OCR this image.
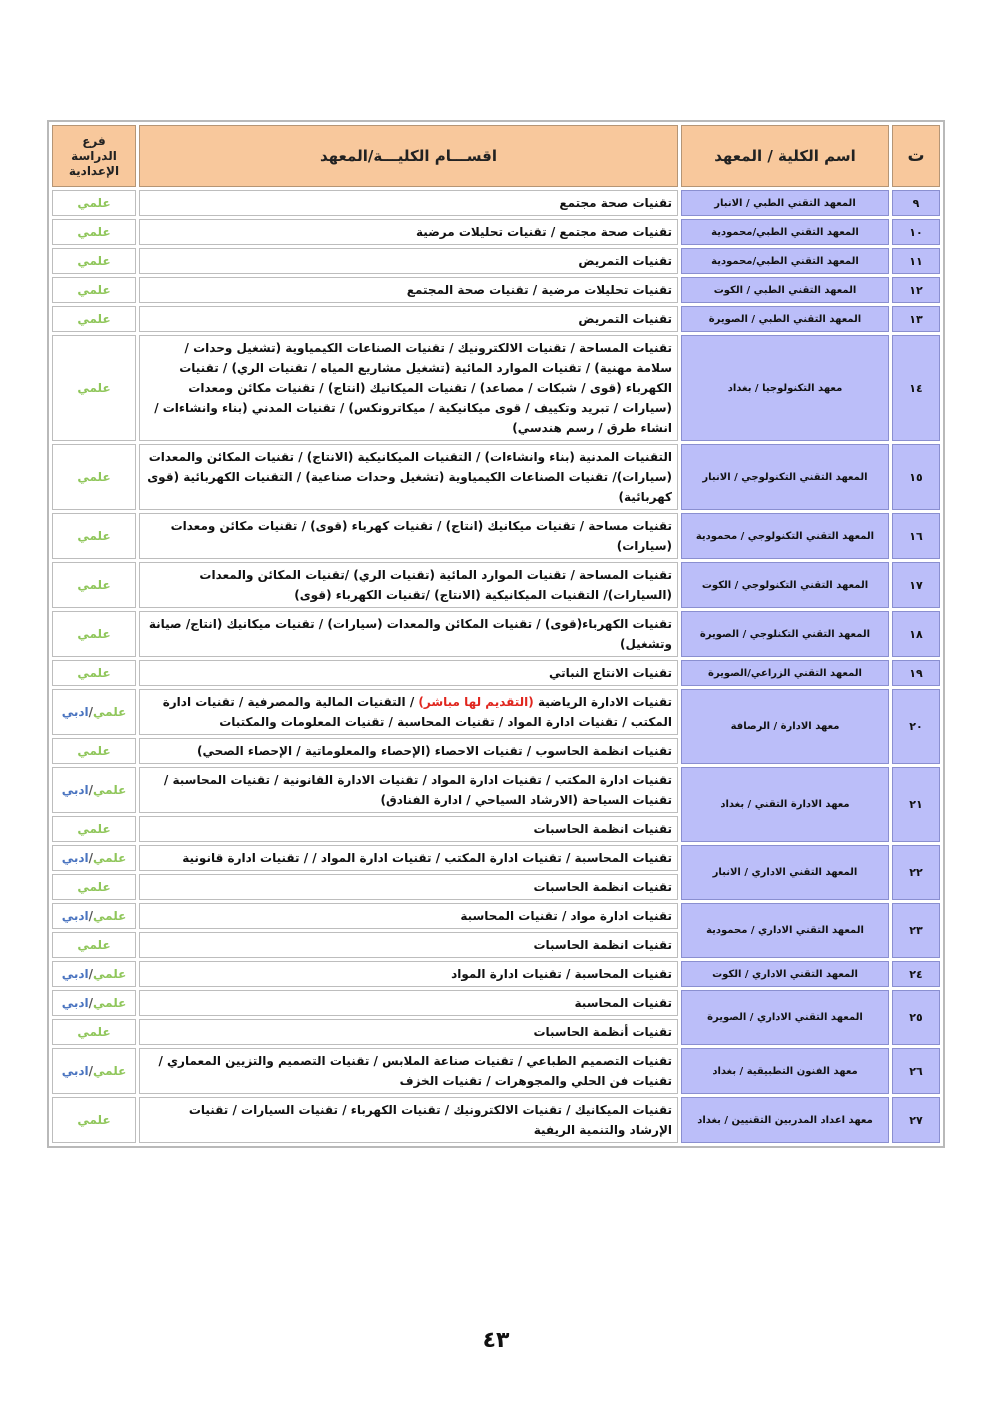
ت	اسم الكلية / المعهد	اقســـام الكليـــة/المعهد	فرع الدراسة الإعدادية
٩	المعهد التقني الطبي / الانبار	تقنيات صحة مجتمع	علمي
١٠	المعهد التقني الطبي/محمودية	تقنيات صحة مجتمع / تقنيات تحليلات مرضية	علمي
١١	المعهد التقني الطبي/محمودية	تقنيات التمريض	علمي
١٢	المعهد التقني الطبي / الكوت	تقنيات تحليلات مرضية / تقنيات صحة المجتمع	علمي
١٣	المعهد التقني الطبي / الصويرة	تقنيات التمريض	علمي
١٤	معهد التكنولوجيا / بغداد	تقنيات المساحة / تقنيات الالكترونيك / تقنيات الصناعات الكيمياوية (تشغيل وحدات / سلامة مهنية) / تقنيات الموارد المائية (تشغيل مشاريع المياه / تقنيات الري) / تقنيات الكهرباء (قوى / شبكات / مصاعد) / تقنيات الميكانيك (انتاج) / تقنيات مكائن ومعدات (سيارات / تبريد وتكييف / قوى ميكانيكية / ميكاترونكس) / تقنيات المدني (بناء وانشاءات / انشاء طرق / رسم هندسي)	علمي
١٥	المعهد التقني التكنولوجي / الانبار	التقنيات المدنية (بناء وانشاءات) / التقنيات الميكانيكية (الانتاج) / تقنيات المكائن والمعدات (سيارات)/ تقنيات الصناعات الكيمياوية (تشغيل وحدات صناعية) / التقنيات الكهربائية (قوى كهربائية)	علمي
١٦	المعهد التقني التكنولوجي / محمودية	تقنيات مساحة / تقنيات ميكانيك (انتاج) / تقنيات كهرباء (قوى) / تقنيات مكائن ومعدات (سيارات)	علمي
١٧	المعهد التقني التكنولوجي / الكوت	تقنيات المساحة / تقنيات الموارد المائية (تقنيات الري) /تقنيات المكائن والمعدات (السيارات)/ التقنيات الميكانيكية (الانتاج) /تقنيات الكهرباء (قوى)	علمي
١٨	المعهد التقني التكنلوجي / الصويرة	تقنيات الكهرباء(قوى) / تقنيات المكائن والمعدات (سيارات) / تقنيات ميكانيك (انتاج/ صيانة وتشغيل)	علمي
١٩	المعهد التقني الزراعي/الصويرة	تقنيات الانتاج النباتي	علمي
٢٠	معهد الادارة / الرصافة	تقنيات الادارة الرياضية (التقديم لها مباشر) / التقنيات المالية والمصرفية / تقنيات ادارة المكتب / تقنيات ادارة المواد / تقنيات المحاسبة / تقنيات المعلومات والمكتبات	علمي/ادبي
		تقنيات انظمة الحاسوب / تقنيات الاحصاء (الإحصاء والمعلوماتية / الإحصاء الصحي)	علمي
٢١	معهد الادارة التقني / بغداد	تقنيات ادارة المكتب / تقنيات ادارة المواد / تقنيات الادارة القانونية / تقنيات المحاسبة / تقنيات السياحة (الارشاد السياحي / ادارة الفنادق)	علمي/ادبي
		تقنيات انظمة الحاسبات	علمي
٢٢	المعهد التقني الاداري / الانبار	تقنيات المحاسبة / تقنيات ادارة المكتب / تقنيات ادارة المواد / / تقنيات ادارة قانونية	علمي/ادبي
		تقنيات انظمة الحاسبات	علمي
٢٣	المعهد التقني الاداري / محمودية	تقنيات ادارة مواد / تقنيات المحاسبة	علمي/ادبي
		تقنيات انظمة الحاسبات	علمي
٢٤	المعهد التقني الاداري / الكوت	تقنيات المحاسبة / تقنيات ادارة المواد	علمي/ادبي
٢٥	المعهد التقني الاداري / الصويرة	تقنيات المحاسبة	علمي/ادبي
		تقنيات أنظمة الحاسبات	علمي
٢٦	معهد الفنون التطبيقية / بغداد	تقنيات التصميم الطباعي / تقنيات صناعة الملابس / تقنيات التصميم والتزيين المعماري / تقنيات فن الحلي والمجوهرات / تقنيات الخزف	علمي/ادبي
٢٧	معهد اعداد المدربين التقنيين / بغداد	تقنيات الميكانيك / تقنيات الالكترونيك / تقنيات الكهرباء / تقنيات السيارات / تقنيات الإرشاد والتنمية الريفية	علمي
٤٣
